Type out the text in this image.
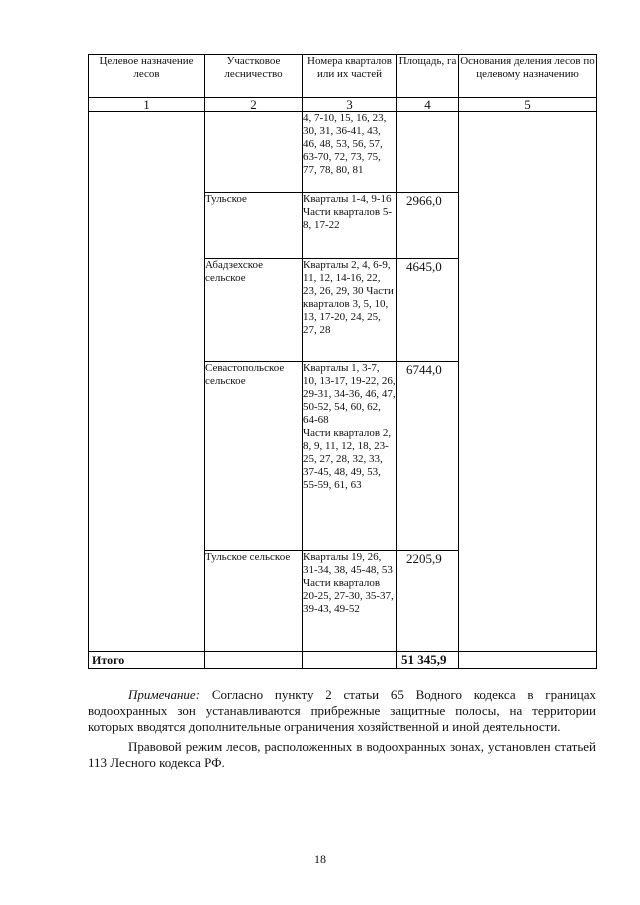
Целевое назначение лесов	Участковое лесничество	Номера кварталов или их частей	Площадь, га	Основания деления лесов по целевому назначению
1	2	3	4	5
		4, 7-10, 15, 16, 23, 30, 31, 36-41, 43, 46, 48, 53, 56, 57, 63-70, 72, 73, 75, 77, 78, 80, 81	

	Тульское	Кварталы 1-4, 9-16
Части кварталов 5-8, 17-22	2966,0	

	Абадзехское сельское	Кварталы 2, 4, 6-9, 11, 12, 14-16, 22, 23, 26, 29, 30 Части кварталов 3, 5, 10, 13, 17-20, 24, 25, 27, 28	4645,0	

	Севастопольское сельское	Кварталы 1, 3-7, 10, 13-17, 19-22, 26, 29-31, 34-36, 46, 47, 50-52, 54, 60, 62, 64-68
Части кварталов 2, 8, 9, 11, 12, 18, 23-25, 27, 28, 32, 33, 37-45, 48, 49, 53, 55-59, 61, 63	6744,0	

	Тульское сельское	Кварталы 19, 26, 31-34, 38, 45-48, 53
Части кварталов 20-25, 27-30, 35-37, 39-43, 49-52	2205,9	

Итого			51 345,9	

Примечание: Согласно пункту 2 статьи 65 Водного кодекса в границах водоохранных зон устанавливаются прибрежные защитные полосы, на территории которых вводятся дополнительные ограничения хозяйственной и иной деятельности.

Правовой режим лесов, расположенных в водоохранных зонах, установлен статьей 113 Лесного кодекса РФ.

18
